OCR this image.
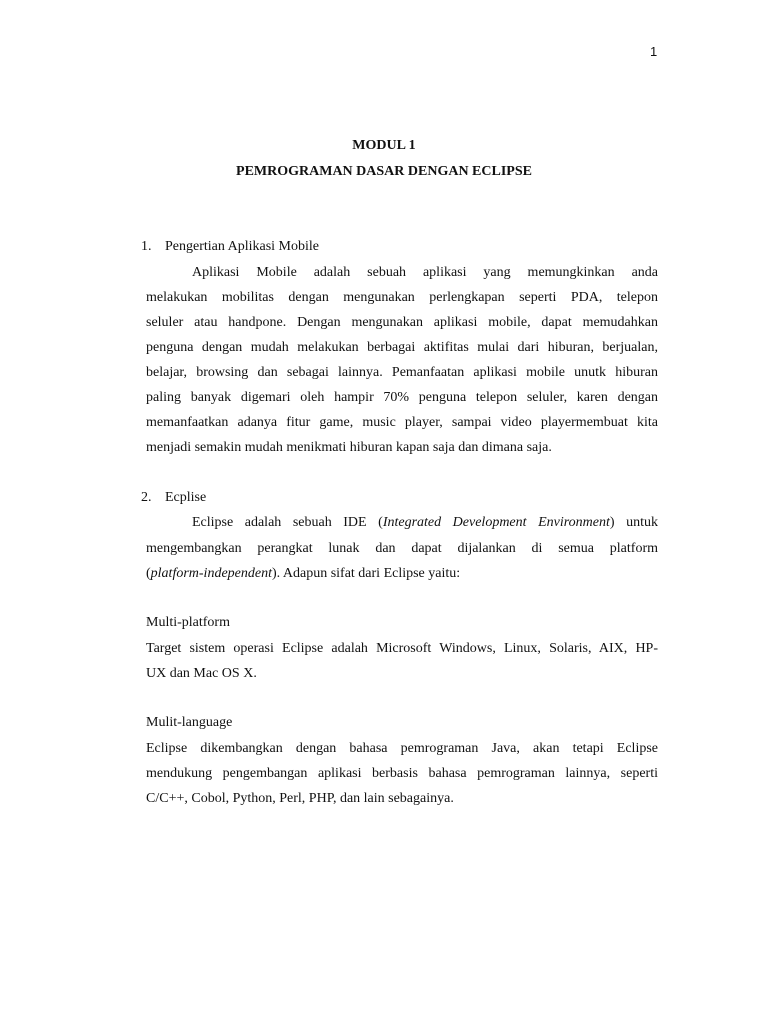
1
MODUL 1
PEMROGRAMAN DASAR DENGAN ECLIPSE
1. Pengertian Aplikasi Mobile
Aplikasi Mobile adalah sebuah aplikasi yang memungkinkan anda
melakukan mobilitas dengan mengunakan perlengkapan seperti PDA, telepon
seluler atau handpone. Dengan mengunakan aplikasi mobile, dapat memudahkan
penguna dengan mudah melakukan berbagai aktifitas mulai dari hiburan, berjualan,
belajar, browsing dan sebagai lainnya. Pemanfaatan aplikasi mobile unutk hiburan
paling banyak digemari oleh hampir 70% penguna telepon seluler, karen dengan
memanfaatkan adanya fitur game, music player, sampai video playermembuat kita
menjadi semakin mudah menikmati hiburan kapan saja dan dimana saja.
2. Ecplise
Eclipse adalah sebuah IDE (Integrated Development Environment) untuk
mengembangkan perangkat lunak dan dapat dijalankan di semua platform
(platform-independent). Adapun sifat dari Eclipse yaitu:
Multi-platform
Target sistem operasi Eclipse adalah Microsoft Windows, Linux, Solaris, AIX, HP-
UX dan Mac OS X.
Mulit-language
Eclipse dikembangkan dengan bahasa pemrograman Java, akan tetapi Eclipse
mendukung pengembangan aplikasi berbasis bahasa pemrograman lainnya, seperti
C/C++, Cobol, Python, Perl, PHP, dan lain sebagainya.
